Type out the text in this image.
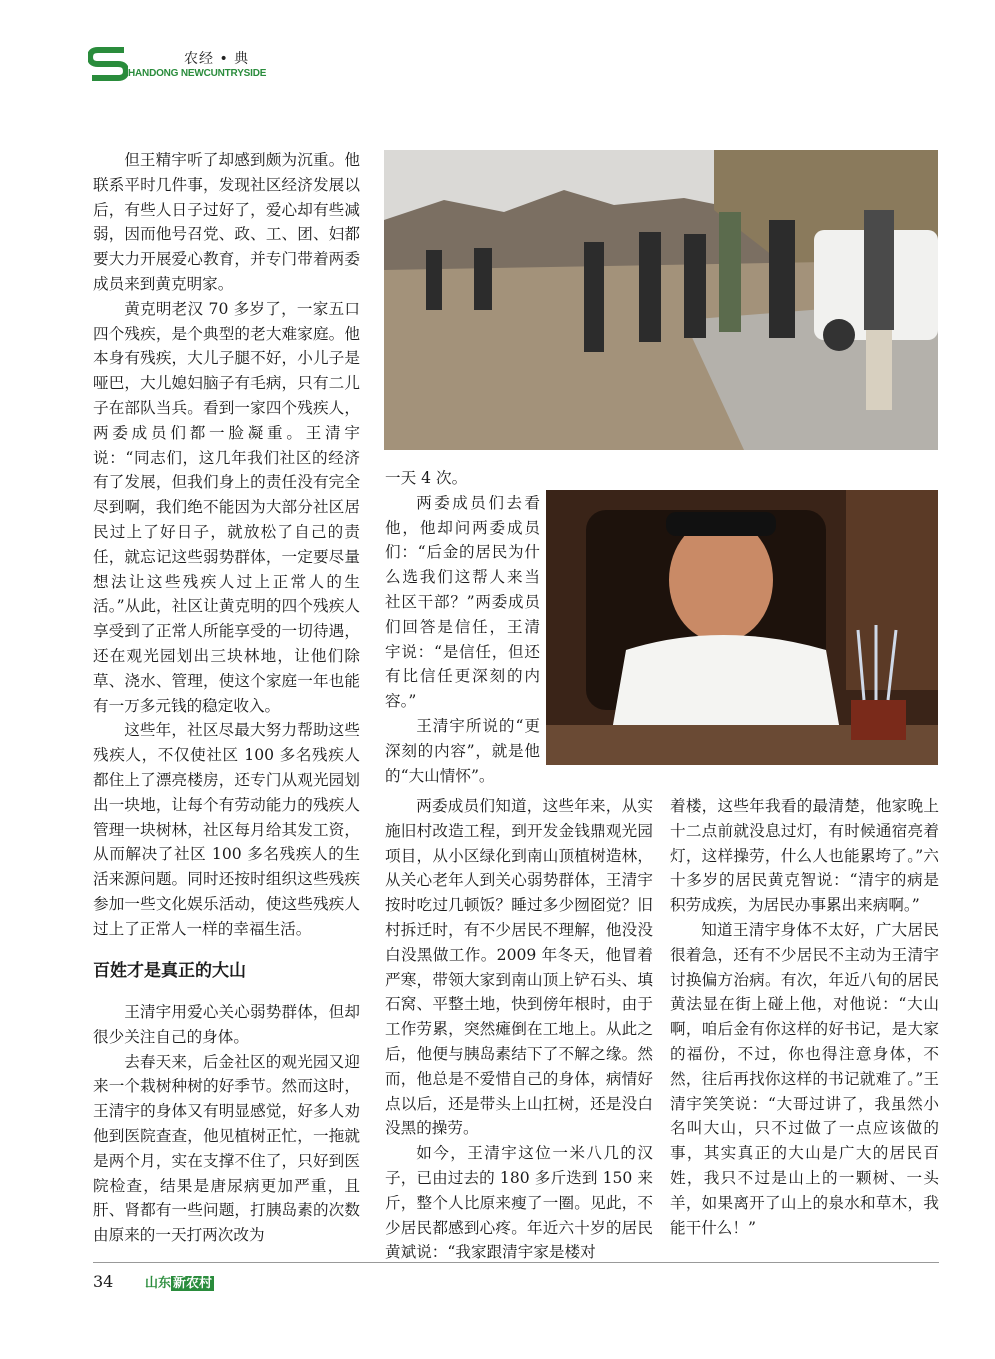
农经 • 典
HANDONG NEWCUNTRYSIDE

但王精宇听了却感到颇为沉重。他联系平时几件事，发现社区经济发展以后，有些人日子过好了，爱心却有些减弱，因而他号召党、政、工、团、妇都要大力开展爱心教育，并专门带着两委成员来到黄克明家。

黄克明老汉 70 多岁了，一家五口四个残疾，是个典型的老大难家庭。他本身有残疾，大儿子腿不好，小儿子是哑巴，大儿媳妇脑子有毛病，只有二儿子在部队当兵。看到一家四个残疾人，两委成员们都一脸凝重。王清宇说：“同志们，这几年我们社区的经济有了发展，但我们身上的责任没有完全尽到啊，我们绝不能因为大部分社区居民过上了好日子，就放松了自己的责任，就忘记这些弱势群体，一定要尽量想法让这些残疾人过上正常人的生活。”从此，社区让黄克明的四个残疾人享受到了正常人所能享受的一切待遇，还在观光园划出三块林地，让他们除草、浇水、管理，使这个家庭一年也能有一万多元钱的稳定收入。

这些年，社区尽最大努力帮助这些残疾人，不仅使社区 100 多名残疾人都住上了漂亮楼房，还专门从观光园划出一块地，让每个有劳动能力的残疾人管理一块树林，社区每月给其发工资，从而解决了社区 100 多名残疾人的生活来源问题。同时还按时组织这些残疾参加一些文化娱乐活动，使这些残疾人过上了正常人一样的幸福生活。

百姓才是真正的大山

王清宇用爱心关心弱势群体，但却很少关注自己的身体。

去春天来，后金社区的观光园又迎来一个栽树种树的好季节。然而这时，王清宇的身体又有明显感觉，好多人劝他到医院查查，他见植树正忙，一拖就是两个月，实在支撑不住了，只好到医院检查，结果是唐尿病更加严重，且肝、肾都有一些问题，打胰岛素的次数由原来的一天打两次改为

一天 4 次。

两委成员们去看他，他却问两委成员们：“后金的居民为什么选我们这帮人来当社区干部？”两委成员们回答是信任，王清宇说：“是信任，但还有比信任更深刻的内容。”

王清宇所说的“更深刻的内容”，就是他的“大山情怀”。

两委成员们知道，这些年来，从实施旧村改造工程，到开发金钱鼎观光园项目，从小区绿化到南山顶植树造林，从关心老年人到关心弱势群体，王清宇按时吃过几顿饭？睡过多少囫囵觉？旧村拆迁时，有不少居民不理解，他没没白没黑做工作。2009 年冬天，他冒着严寒，带领大家到南山顶上铲石头、填石窝、平整土地，快到傍年根时，由于工作劳累，突然瘫倒在工地上。从此之后，他便与胰岛素结下了不解之缘。然而，他总是不爱惜自己的身体，病情好点以后，还是带头上山扛树，还是没白没黑的操劳。

如今，王清宇这位一米八几的汉子，已由过去的 180 多斤迭到 150 来斤，整个人比原来瘦了一圈。见此，不少居民都感到心疼。年近六十岁的居民黄斌说：“我家跟清宇家是楼对

着楼，这些年我看的最清楚，他家晚上十二点前就没息过灯，有时候通宿亮着灯，这样操劳，什么人也能累垮了。”六十多岁的居民黄克智说：“清宇的病是积劳成疾，为居民办事累出来病啊。”

知道王清宇身体不太好，广大居民很着急，还有不少居民不主动为王清宇讨换偏方治病。有次，年近八旬的居民黄法显在街上碰上他，对他说：“大山啊，咱后金有你这样的好书记，是大家的福份，不过，你也得注意身体，不然，往后再找你这样的书记就难了。”王清宇笑笑说：“大哥过讲了，我虽然小名叫大山，只不过做了一点应该做的事，其实真正的大山是广大的居民百姓，我只不过是山上的一颗树、一头羊，如果离开了山上的泉水和草木，我能干什么！”

34 山东 新农村
